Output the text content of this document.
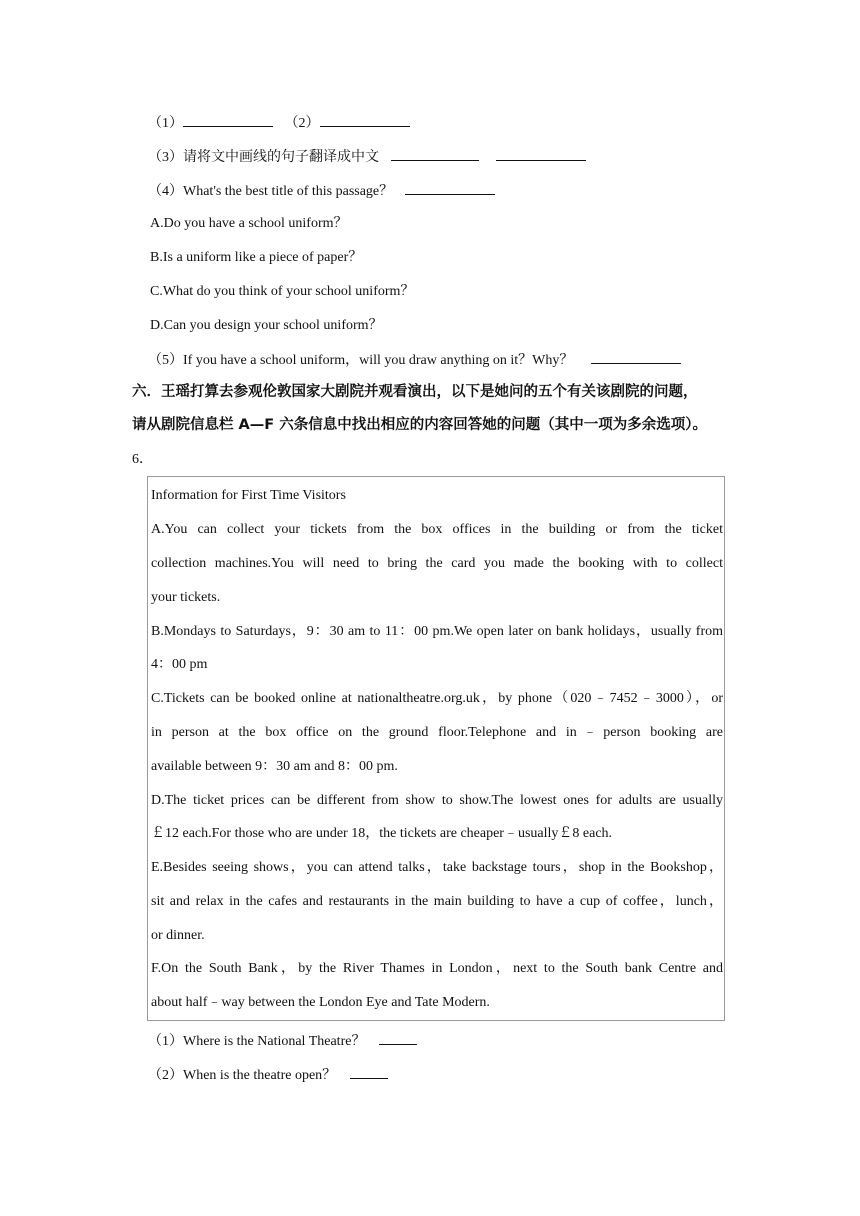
（1）	（2）
（3）请将文中画线的句子翻译成中文
（4）What's the best title of this passage？
A.Do you have a school uniform？
B.Is a uniform like a piece of paper？
C.What do you think of your school uniform？
D.Can you design your school uniform？
（5）If you have a school uniform，will you draw anything on it？Why？
六．王瑶打算去参观伦敦国家大剧院并观看演出，以下是她问的五个有关该剧院的问题，
请从剧院信息栏 A—F 六条信息中找出相应的内容回答她的问题（其中一项为多余选项）。
6．
Information for First Time Visitors
A.You can collect your tickets from the box offices in the building or from the ticket
collection machines.You will need to bring the card you made the booking with to collect
your tickets.
B.Mondays to Saturdays，9：30 am to 11：00 pm.We open later on bank holidays，usually from
4：00 pm
C.Tickets can be booked online at nationaltheatre.org.uk，by phone（020﹣7452﹣3000），or
in person at the box office on the ground floor.Telephone and in﹣person booking are
available between 9：30 am and 8：00 pm.
D.The ticket prices can be different from show to show.The lowest ones for adults are usually
￡12 each.For those who are under 18，the tickets are cheaper﹣usually￡8 each.
E.Besides seeing shows，you can attend talks，take backstage tours，shop in the Bookshop，
sit and relax in the cafes and restaurants in the main building to have a cup of coffee，lunch，
or dinner.
F.On the South Bank，by the River Thames in London，next to the South bank Centre and
about half﹣way between the London Eye and Tate Modern.
（1）Where is the National Theatre？
（2）When is the theatre open？
